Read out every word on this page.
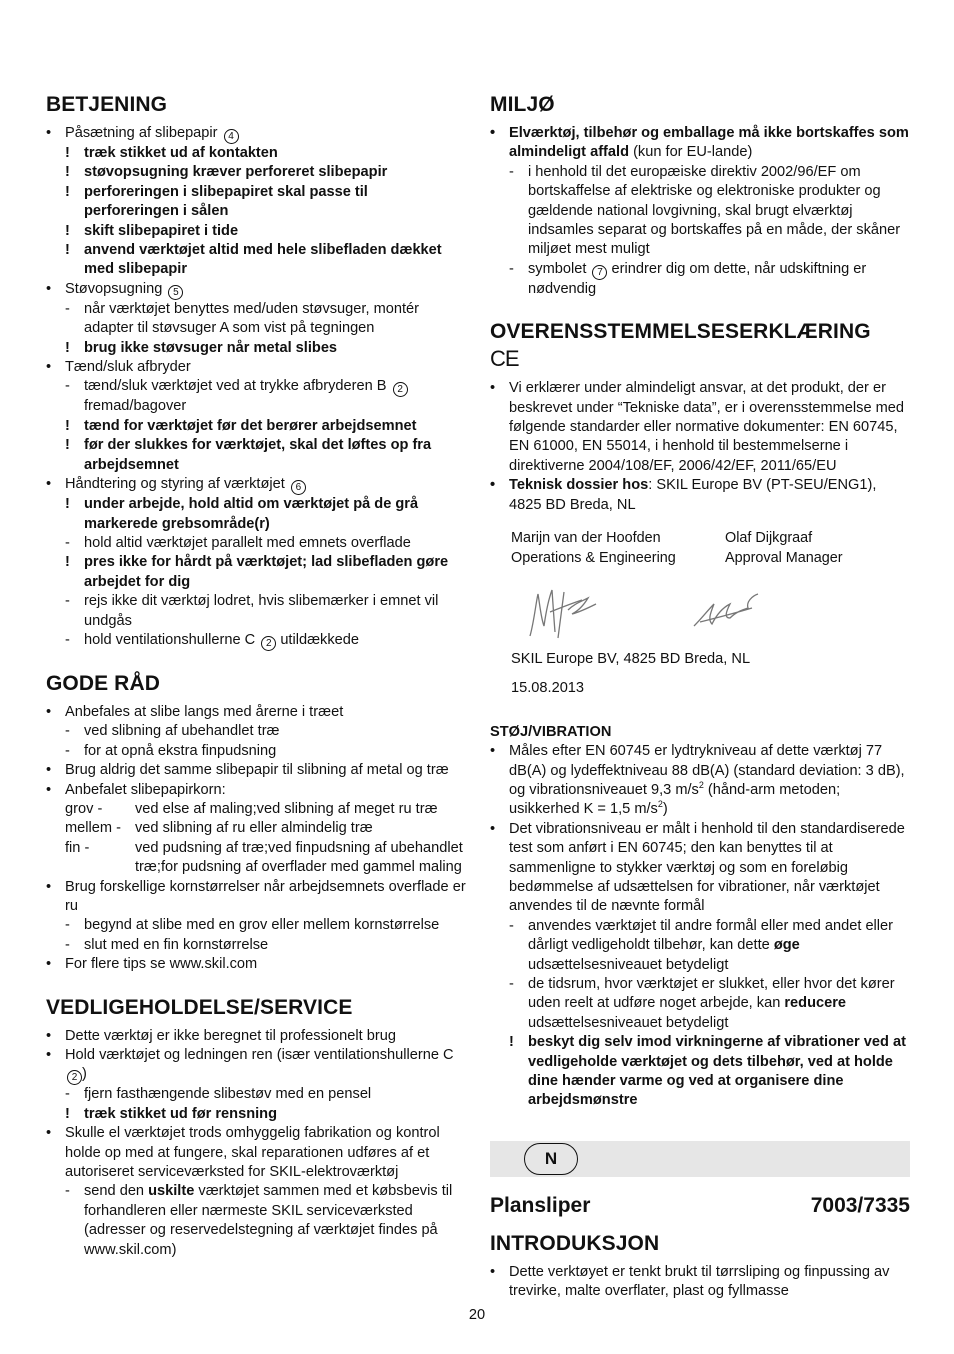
BETJENING
• Påsætning af slibepapir 4
! træk stikket ud af kontakten
! støvopsugning kræver perforeret slibepapir
! perforeringen i slibepapiret skal passe til perforeringen i sålen
! skift slibepapiret i tide
! anvend værktøjet altid med hele slibefladen dækket med slibepapir
• Støvopsugning 5
- når værktøjet benyttes med/uden støvsuger, montér adapter til støvsuger A som vist på tegningen
! brug ikke støvsuger når metal slibes
• Tænd/sluk afbryder
- tænd/sluk værktøjet ved at trykke afbryderen B 2 fremad/bagover
! tænd for værktøjet før det berører arbejdsemnet
! før der slukkes for værktøjet, skal det løftes op fra arbejdsemnet
• Håndtering og styring af værktøjet 6
! under arbejde, hold altid om værktøjet på de grå markerede grebsområde(r)
- hold altid værktøjet parallelt med emnets overflade
! pres ikke for hårdt på værktøjet; lad slibefladen gøre arbejdet for dig
- rejs ikke dit værktøj lodret, hvis slibemærker i emnet vil undgås
- hold ventilationshullerne C 2 utildækkede
GODE RÅD
• Anbefales at slibe langs med årerne i træet
- ved slibning af ubehandlet træ
- for at opnå ekstra finpudsning
• Brug aldrig det samme slibepapir til slibning af metal og træ
• Anbefalet slibepapirkorn:
grov -	ved else af maling;ved slibning af meget ru træ
mellem - ved slibning af ru eller almindelig træ
fin -	ved pudsning af træ;ved finpudsning af ubehandlet træ;for pudsning af overflader med gammel maling
• Brug forskellige kornstørrelser når arbejdsemnets overflade er ru
- begynd at slibe med en grov eller mellem kornstørrelse
- slut med en fin kornstørrelse
• For flere tips se www.skil.com
VEDLIGEHOLDELSE/SERVICE
• Dette værktøj er ikke beregnet til professionelt brug
• Hold værktøjet og ledningen ren (især ventilationshullerne C 2 )
- fjern fasthængende slibestøv med en pensel
! træk stikket ud før rensning
• Skulle el værktøjet trods omhyggelig fabrikation og kontrol holde op med at fungere, skal reparationen udføres af et autoriseret serviceværksted for SKIL-elektroværktøj
- send den uskilte værktøjet sammen med et købsbevis til forhandleren eller nærmeste SKIL serviceværksted (adresser og reservedelstegning af værktøjet findes på www.skil.com)
MILJØ
• Elværktøj, tilbehør og emballage må ikke bortskaffes som almindeligt affald (kun for EU-lande)
- i henhold til det europæiske direktiv 2002/96/EF om bortskaffelse af elektriske og elektroniske produkter og gældende national lovgivning, skal brugt elværktøj indsamles separat og bortskaffes på en måde, der skåner miljøet mest muligt
- symbolet 7 erindrer dig om dette, når udskiftning er nødvendig
OVERENSSTEMMELSESERKLÆRING
CE
• Vi erklærer under almindeligt ansvar, at det produkt, der er beskrevet under “Tekniske data”, er i overensstemmelse med følgende standarder eller normative dokumenter: EN 60745, EN 61000, EN 55014, i henhold til bestemmelserne i direktiverne 2004/108/EF, 2006/42/EF, 2011/65/EU
• Teknisk dossier hos: SKIL Europe BV (PT-SEU/ENG1), 4825 BD Breda, NL
Marijn van der Hoofden
Operations & Engineering
Olaf Dijkgraaf
Approval Manager
SKIL Europe BV, 4825 BD Breda, NL
15.08.2013
STØJ/VIBRATION
• Måles efter EN 60745 er lydtrykniveau af dette værktøj 77 dB(A) og lydeffektniveau 88 dB(A) (standard deviation: 3 dB), og vibrationsniveauet 9,3 $m/s^2$ (hånd-arm metoden; usikkerhed K = 1,5 $m/s^2$)
• Det vibrationsniveau er målt i henhold til den standardiserede test som anført i EN 60745; den kan benyttes til at sammenligne to stykker værktøj og som en foreløbig bedømmelse af udsættelsen for vibrationer, når værktøjet anvendes til de nævnte formål
- anvendes værktøjet til andre formål eller med andet eller dårligt vedligeholdt tilbehør, kan dette øge udsættelsesniveauet betydeligt
- de tidsrum, hvor værktøjet er slukket, eller hvor det kører uden reelt at udføre noget arbejde, kan reducere udsættelsesniveauet betydeligt
! beskyt dig selv imod virkningerne af vibrationer ved at vedligeholde værktøjet og dets tilbehør, ved at holde dine hænder varme og ved at organisere dine arbejdsmønstre
N
Plansliper	7003/7335
INTRODUKSJON
• Dette verktøyet er tenkt brukt til tørrsliping og finpussing av trevirke, malte overflater, plast og fyllmasse
20
